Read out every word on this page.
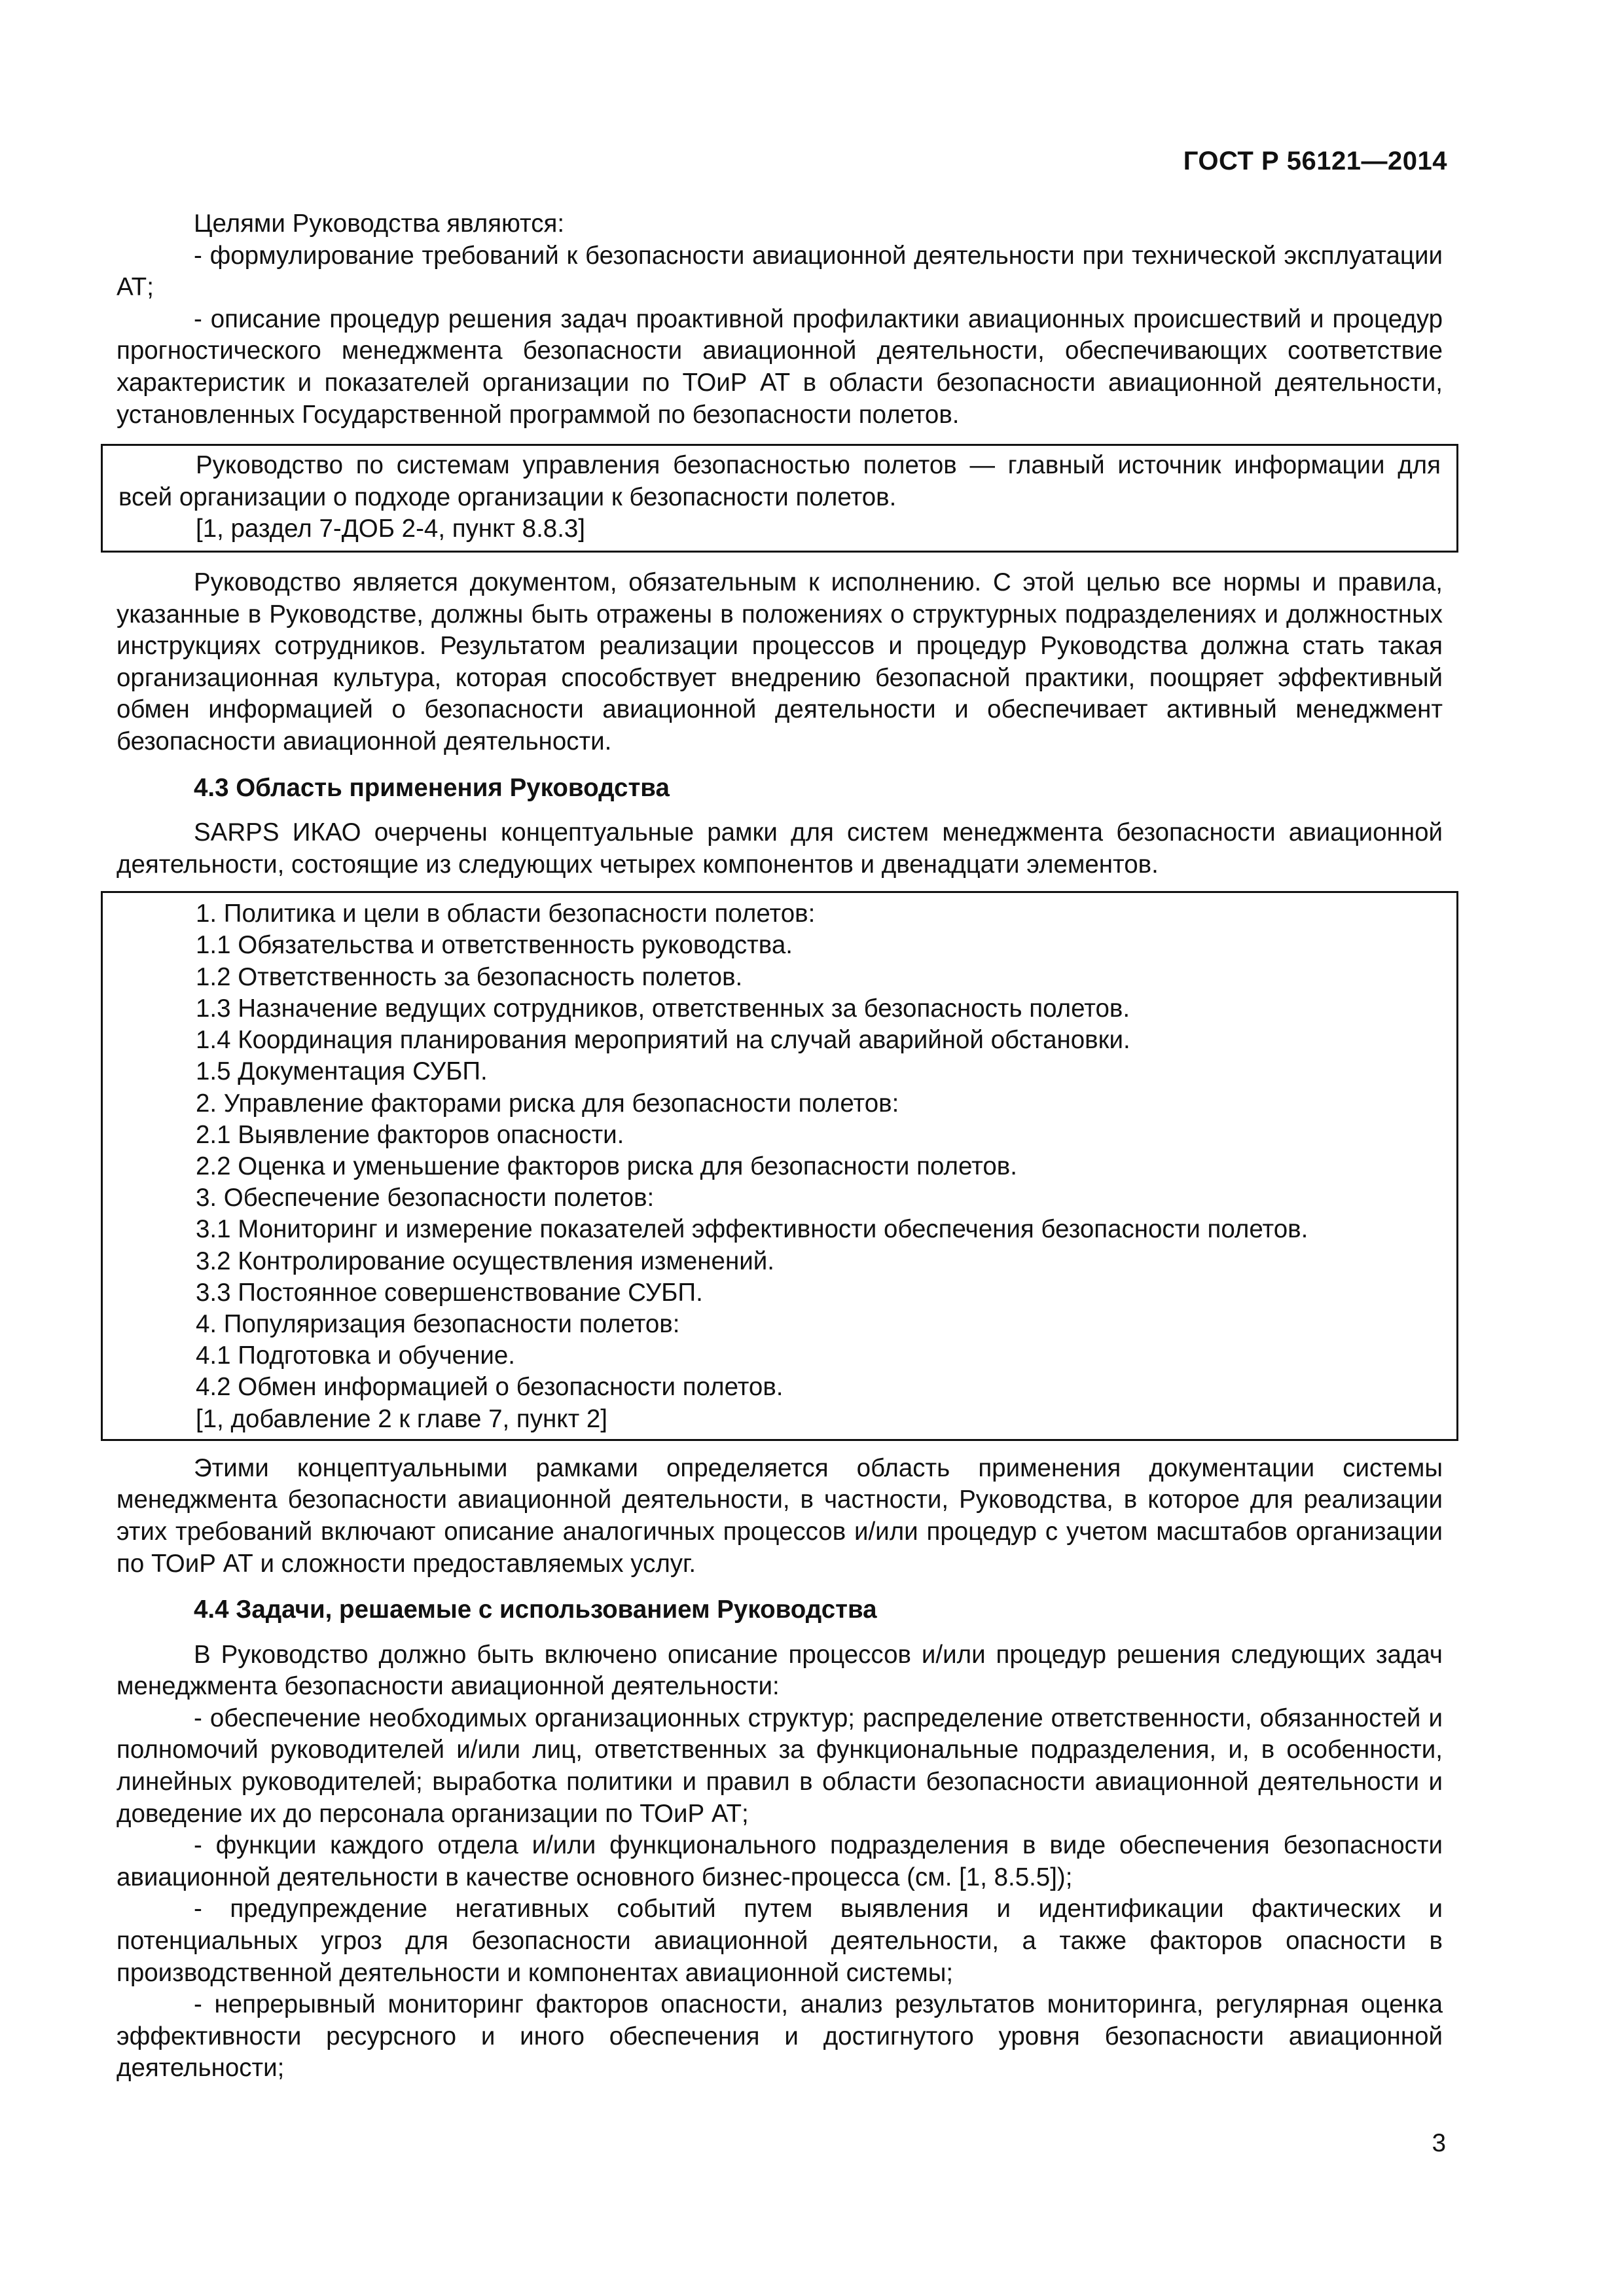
ГОСТ Р 56121—2014

Целями Руководства являются:

- формулирование требований к безопасности авиационной деятельности при технической эксплуатации АТ;

- описание процедур решения задач проактивной профилактики авиационных происшествий и процедур прогностического менеджмента безопасности авиационной деятельности, обеспечивающих соответствие характеристик и показателей организации по ТОиР АТ в области безопасности авиационной деятельности, установленных Государственной программой по безопасности полетов.

Руководство по системам управления безопасностью полетов — главный источник информации для всей организации о подходе организации к безопасности полетов.

[1, раздел 7-ДОБ 2-4, пункт 8.8.3]

Руководство является документом, обязательным к исполнению. С этой целью все нормы и правила, указанные в Руководстве, должны быть отражены в положениях о структурных подразделениях и должностных инструкциях сотрудников. Результатом реализации процессов и процедур Руководства должна стать такая организационная культура, которая способствует внедрению безопасной практики, поощряет эффективный обмен информацией о безопасности авиационной деятельности и обеспечивает активный менеджмент безопасности авиационной деятельности.

4.3 Область применения Руководства

SARPS ИКАО очерчены концептуальные рамки для систем менеджмента безопасности авиационной деятельности, состоящие из следующих четырех компонентов и двенадцати элементов.

1. Политика и цели в области безопасности полетов:

1.1 Обязательства и ответственность руководства.

1.2 Ответственность за безопасность полетов.

1.3 Назначение ведущих сотрудников, ответственных за безопасность полетов.

1.4 Координация планирования мероприятий на случай аварийной обстановки.

1.5 Документация СУБП.

2. Управление факторами риска для безопасности полетов:

2.1 Выявление факторов опасности.

2.2 Оценка и уменьшение факторов риска для безопасности полетов.

3. Обеспечение безопасности полетов:

3.1 Мониторинг и измерение показателей эффективности обеспечения безопасности полетов.

3.2 Контролирование осуществления изменений.

3.3 Постоянное совершенствование СУБП.

4. Популяризация безопасности полетов:

4.1 Подготовка и обучение.

4.2 Обмен информацией о безопасности полетов.

[1, добавление 2 к главе 7, пункт 2]

Этими концептуальными рамками определяется область применения документации системы менеджмента безопасности авиационной деятельности, в частности, Руководства, в которое для реализации этих требований включают описание аналогичных процессов и/или процедур с учетом масштабов организации по ТОиР АТ и сложности предоставляемых услуг.

4.4 Задачи, решаемые с использованием Руководства

В Руководство должно быть включено описание процессов и/или процедур решения следующих задач менеджмента безопасности авиационной деятельности:

- обеспечение необходимых организационных структур; распределение ответственности, обязанностей и полномочий руководителей и/или лиц, ответственных за функциональные подразделения, и, в особенности, линейных руководителей; выработка политики и правил в области безопасности авиационной деятельности и доведение их до персонала организации по ТОиР АТ;

- функции каждого отдела и/или функционального подразделения в виде обеспечения безопасности авиационной деятельности в качестве основного бизнес-процесса (см. [1, 8.5.5]);

- предупреждение негативных событий путем выявления и идентификации фактических и потенциальных угроз для безопасности авиационной деятельности, а также факторов опасности в производственной деятельности и компонентах авиационной системы;

- непрерывный мониторинг факторов опасности, анализ результатов мониторинга, регулярная оценка эффективности ресурсного и иного обеспечения и достигнутого уровня безопасности авиационной деятельности;

3
